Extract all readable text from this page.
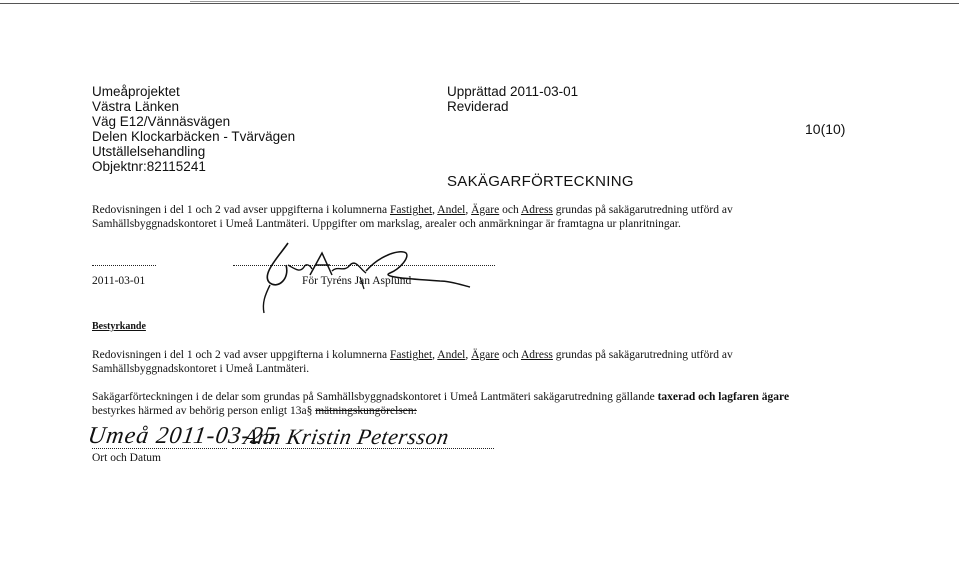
Umeåprojektet
Västra Länken
Väg E12/Vännäsvägen
Delen Klockarbäcken - Tvärvägen
Utställelsehandling
Objektnr:82115241
Upprättad 2011-03-01
Reviderad
10(10)
SAKÄGARFÖRTECKNING
Redovisningen i del 1 och 2 vad avser uppgifterna i kolumnerna Fastighet, Andel, Ägare och Adress grundas på sakägarutredning utförd av
Samhällsbyggnadskontoret i Umeå Lantmäteri. Uppgifter om markslag, arealer och anmärkningar är framtagna ur planritningar.
2011-03-01	För Tyréns Jan Asplund
Bestyrkande
Redovisningen i del 1 och 2 vad avser uppgifterna i kolumnerna Fastighet, Andel, Ägare och Adress grundas på sakägarutredning utförd av
Samhällsbyggnadskontoret i Umeå Lantmäteri.
Sakägarförteckningen i de delar som grundas på Samhällsbyggnadskontoret i Umeå Lantmäteri sakägarutredning gällande taxerad och lagfaren ägare
bestyrkes härmed av behörig person enligt 13a§ mätningskungörelsen:
Umeå 2011-03-25
Ann Kristin Petersson
Ort och Datum
